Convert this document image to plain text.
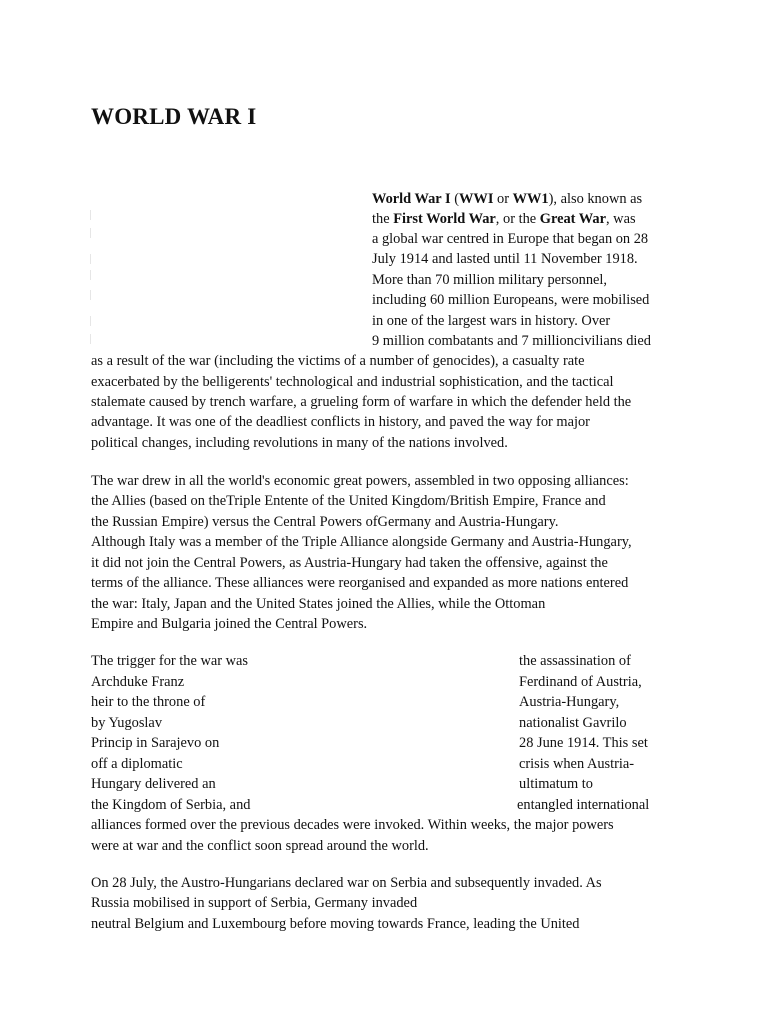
WORLD WAR I

World War I (WWI or WW1), also known as

the First World War, or the Great War, was

a global war centred in Europe that began on 28

July 1914 and lasted until 11 November 1918.

More than 70 million military personnel,

including 60 million Europeans, were mobilised

in one of the largest wars in history. Over

9 million combatants and 7 millioncivilians died

as a result of the war (including the victims of a number of genocides), a casualty rate

exacerbated by the belligerents' technological and industrial sophistication, and the tactical

stalemate caused by trench warfare, a grueling form of warfare in which the defender held the

advantage. It was one of the deadliest conflicts in history, and paved the way for major

political changes, including revolutions in many of the nations involved.

The war drew in all the world's economic great powers, assembled in two opposing alliances:

the Allies (based on theTriple Entente of the United Kingdom/British Empire, France and

the Russian Empire) versus the Central Powers ofGermany and Austria-Hungary.

Although Italy was a member of the Triple Alliance alongside Germany and Austria-Hungary,

it did not join the Central Powers, as Austria-Hungary had taken the offensive, against the

terms of the alliance. These alliances were reorganised and expanded as more nations entered

the war: Italy, Japan and the United States joined the Allies, while the Ottoman

Empire and Bulgaria joined the Central Powers.

The trigger for the war was	the assassination of

Archduke Franz	Ferdinand of Austria,

heir to the throne of	Austria-Hungary,

by Yugoslav	nationalist Gavrilo

Princip in Sarajevo on	28 June 1914. This set

off a diplomatic	crisis when Austria-

Hungary delivered an	ultimatum to

the Kingdom of Serbia, and	entangled international

alliances formed over the previous decades were invoked. Within weeks, the major powers

were at war and the conflict soon spread around the world.

On 28 July, the Austro-Hungarians declared war on Serbia and subsequently invaded. As

Russia mobilised in support of Serbia, Germany invaded

neutral Belgium and Luxembourg before moving towards France, leading the United
